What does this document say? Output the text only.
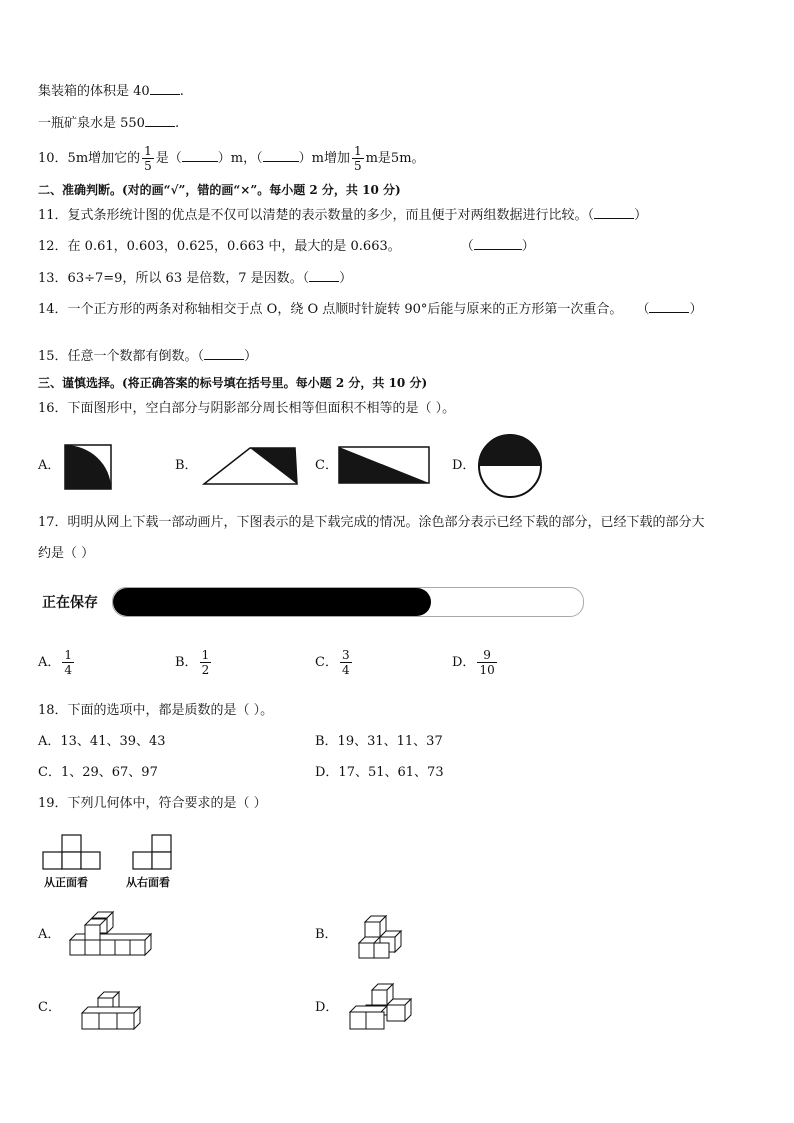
集装箱的体积是 40 .
一瓶矿泉水是 550 .
10．5m增加它的 $\frac{1}{5}$ 是（	）m，（	）m增加 $\frac{1}{5}$ m是5m。
二、准确判断。(对的画“√”，错的画“×”。每小题 2 分，共 10 分)
11．复式条形统计图的优点是不仅可以清楚的表示数量的多少，而且便于对两组数据进行比较。（	）
12．在 0.61，0.603，0.625，0.663 中，最大的是 0.663。	（	）
13．63÷7=9，所以 63 是倍数，7 是因数。（ ）
14．一个正方形的两条对称轴相交于点 O，绕 O 点顺时针旋转 90°后能与原来的正方形第一次重合。 （	）
15．任意一个数都有倒数。（	）
三、谨慎选择。(将正确答案的标号填在括号里。每小题 2 分，共 10 分)
16．下面图形中，空白部分与阴影部分周长相等但面积不相等的是（ ）。
A．	B．	C．	D．
17．明明从网上下载一部动画片，下图表示的是下载完成的情况。涂色部分表示已经下载的部分，已经下载的部分大
约是（ ）
正在保存
A． $\frac{1}{4}$	B． $\frac{1}{2}$	C． $\frac{3}{4}$	D． $\frac{9}{10}$
18．下面的选项中，都是质数的是（ ）。
A．13、41、39、43	B．19、31、11、37
C．1、29、67、97	D．17、51、61、73
19．下列几何体中，符合要求的是（ ）
从正面看	从右面看
A．	B．
C．	D．
